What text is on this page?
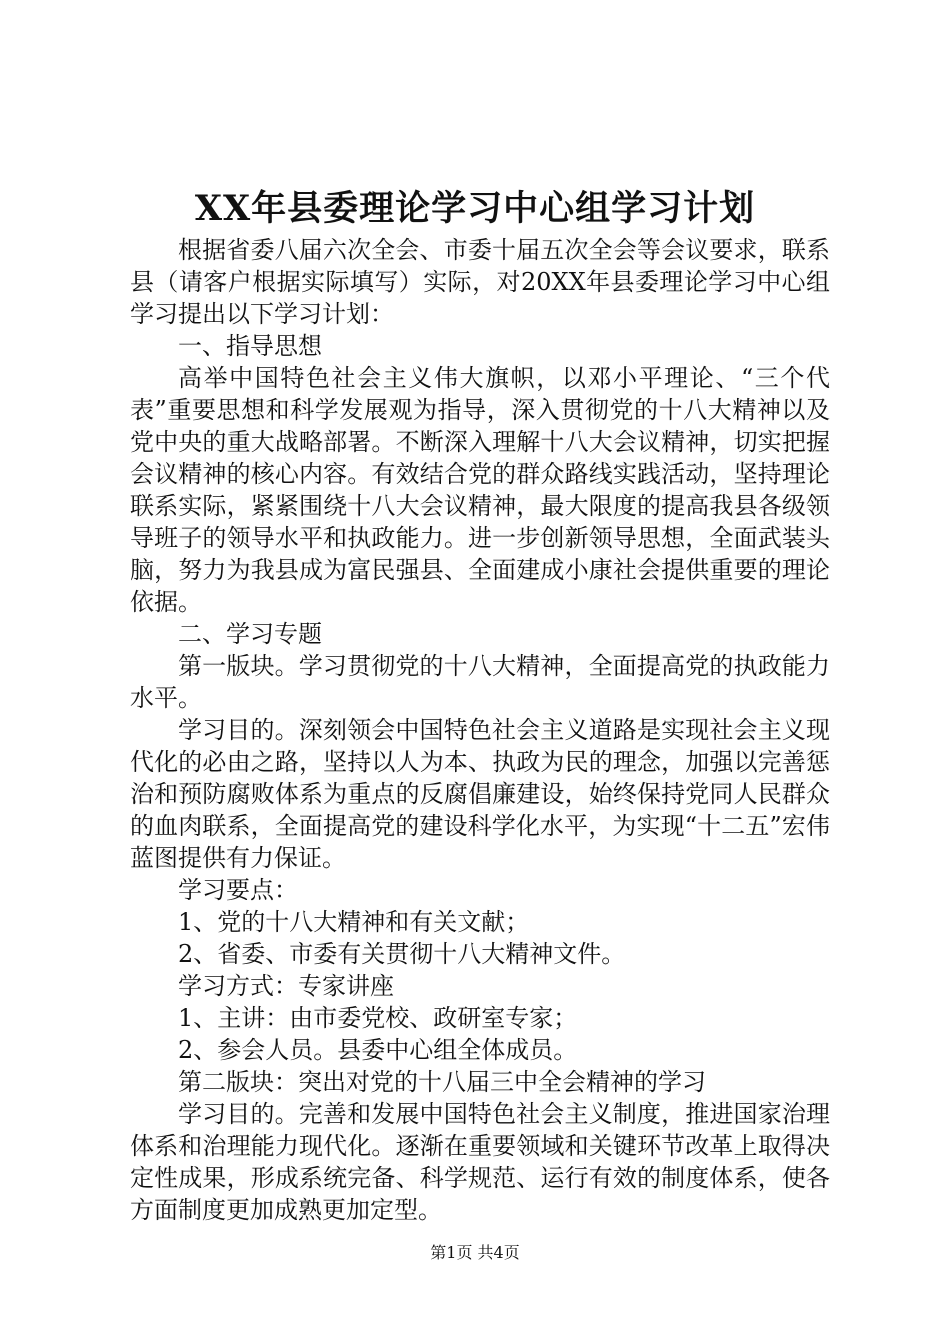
XX年县委理论学习中心组学习计划

根据省委八届六次全会、市委十届五次全会等会议要求，联系县（请客户根据实际填写）实际，对20XX年县委理论学习中心组学习提出以下学习计划：

一、指导思想

高举中国特色社会主义伟大旗帜，以邓小平理论、“三个代表”重要思想和科学发展观为指导，深入贯彻党的十八大精神以及党中央的重大战略部署。不断深入理解十八大会议精神，切实把握会议精神的核心内容。有效结合党的群众路线实践活动，坚持理论联系实际，紧紧围绕十八大会议精神，最大限度的提高我县各级领导班子的领导水平和执政能力。进一步创新领导思想，全面武装头脑，努力为我县成为富民强县、全面建成小康社会提供重要的理论依据。

二、学习专题

第一版块。学习贯彻党的十八大精神，全面提高党的执政能力水平。

学习目的。深刻领会中国特色社会主义道路是实现社会主义现代化的必由之路，坚持以人为本、执政为民的理念，加强以完善惩治和预防腐败体系为重点的反腐倡廉建设，始终保持党同人民群众的血肉联系，全面提高党的建设科学化水平，为实现“十二五”宏伟蓝图提供有力保证。

学习要点：

1、党的十八大精神和有关文献；

2、省委、市委有关贯彻十八大精神文件。

学习方式：专家讲座

1、主讲：由市委党校、政研室专家；

2、参会人员。县委中心组全体成员。

第二版块：突出对党的十八届三中全会精神的学习

学习目的。完善和发展中国特色社会主义制度，推进国家治理体系和治理能力现代化。逐渐在重要领域和关键环节改革上取得决定性成果，形成系统完备、科学规范、运行有效的制度体系，使各方面制度更加成熟更加定型。

第1页 共4页
